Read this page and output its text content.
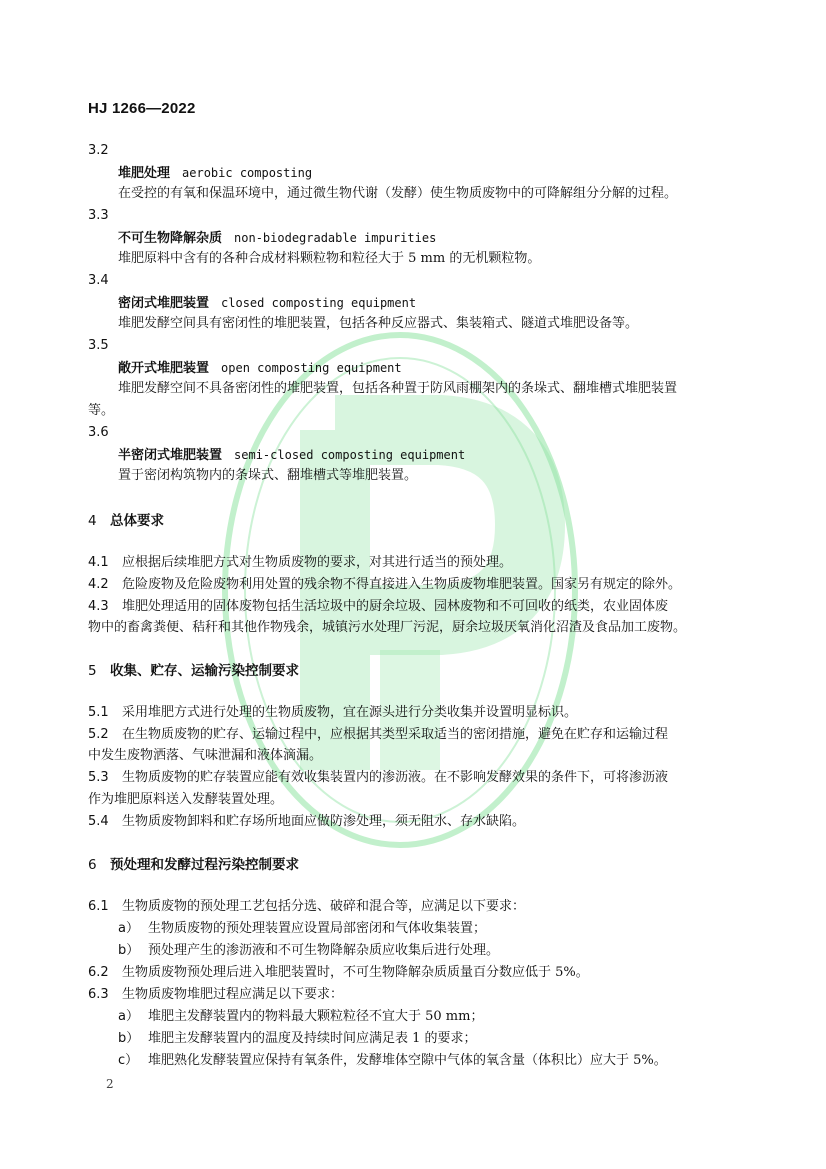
HJ 1266—2022
3.2
堆肥处理 aerobic composting
在受控的有氧和保温环境中，通过微生物代谢（发酵）使生物质废物中的可降解组分分解的过程。
3.3
不可生物降解杂质 non-biodegradable impurities
堆肥原料中含有的各种合成材料颗粒物和粒径大于 5 mm 的无机颗粒物。
3.4
密闭式堆肥装置 closed composting equipment
堆肥发酵空间具有密闭性的堆肥装置，包括各种反应器式、集装箱式、隧道式堆肥设备等。
3.5
敞开式堆肥装置 open composting equipment
堆肥发酵空间不具备密闭性的堆肥装置，包括各种置于防风雨棚架内的条垛式、翻堆槽式堆肥装置
等。
3.6
半密闭式堆肥装置 semi-closed composting equipment
置于密闭构筑物内的条垛式、翻堆槽式等堆肥装置。
4 总体要求
4.1 应根据后续堆肥方式对生物质废物的要求，对其进行适当的预处理。
4.2 危险废物及危险废物利用处置的残余物不得直接进入生物质废物堆肥装置。国家另有规定的除外。
4.3 堆肥处理适用的固体废物包括生活垃圾中的厨余垃圾、园林废物和不可回收的纸类，农业固体废
物中的畜禽粪便、秸秆和其他作物残余，城镇污水处理厂污泥，厨余垃圾厌氧消化沼渣及食品加工废物。
5 收集、贮存、运输污染控制要求
5.1 采用堆肥方式进行处理的生物质废物，宜在源头进行分类收集并设置明显标识。
5.2 在生物质废物的贮存、运输过程中，应根据其类型采取适当的密闭措施，避免在贮存和运输过程
中发生废物洒落、气味泄漏和液体滴漏。
5.3 生物质废物的贮存装置应能有效收集装置内的渗沥液。在不影响发酵效果的条件下，可将渗沥液
作为堆肥原料送入发酵装置处理。
5.4 生物质废物卸料和贮存场所地面应做防渗处理，须无阻水、存水缺陷。
6 预处理和发酵过程污染控制要求
6.1 生物质废物的预处理工艺包括分选、破碎和混合等，应满足以下要求：
a） 生物质废物的预处理装置应设置局部密闭和气体收集装置；
b） 预处理产生的渗沥液和不可生物降解杂质应收集后进行处理。
6.2 生物质废物预处理后进入堆肥装置时，不可生物降解杂质质量百分数应低于 5%。
6.3 生物质废物堆肥过程应满足以下要求：
a） 堆肥主发酵装置内的物料最大颗粒粒径不宜大于 50 mm；
b） 堆肥主发酵装置内的温度及持续时间应满足表 1 的要求；
c） 堆肥熟化发酵装置应保持有氧条件，发酵堆体空隙中气体的氧含量（体积比）应大于 5%。
2
